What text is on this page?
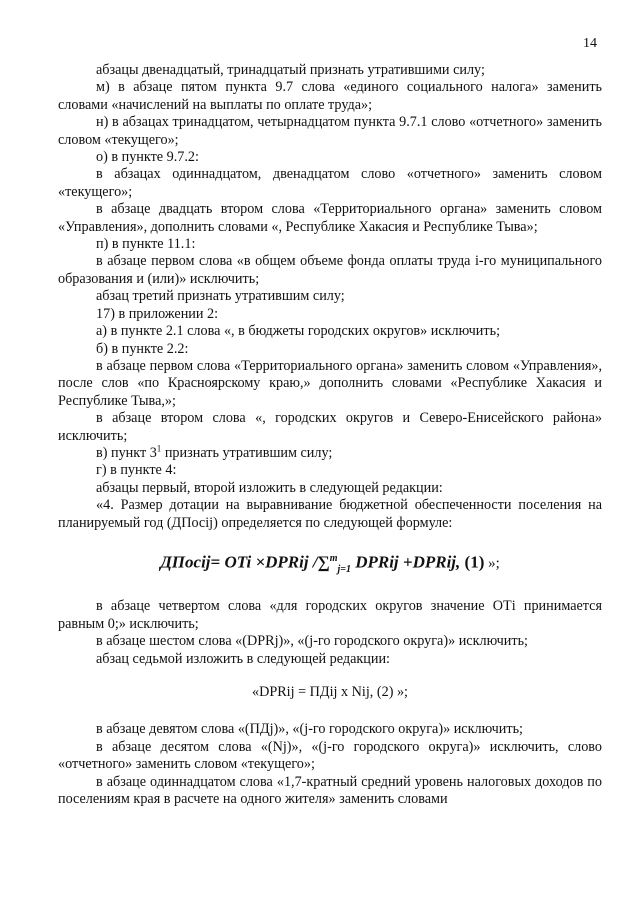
14

абзацы двенадцатый, тринадцатый признать утратившими силу;

м) в абзаце пятом пункта 9.7 слова «единого социального налога» заменить словами «начислений на выплаты по оплате труда»;

н) в абзацах тринадцатом, четырнадцатом пункта 9.7.1 слово «отчетного» заменить словом «текущего»;

о) в пункте 9.7.2:

в абзацах одиннадцатом, двенадцатом слово «отчетного» заменить словом «текущего»;

в абзаце двадцать втором слова «Территориального органа» заменить словом «Управления», дополнить словами «, Республике Хакасия и Республике Тыва»;

п) в пункте 11.1:

в абзаце первом слова «в общем объеме фонда оплаты труда i-го муниципального образования и (или)» исключить;

абзац третий признать утратившим силу;

17) в приложении 2:

а) в пункте 2.1 слова «, в бюджеты городских округов» исключить;

б) в пункте 2.2:

в абзаце первом слова «Территориального органа» заменить словом «Управления», после слов «по Красноярскому краю,» дополнить словами «Республике Хакасия и Республике Тыва,»;

в абзаце втором слова «, городских округов и Северо-Енисейского района» исключить;

в) пункт 3$^1$ признать утратившим силу;

г) в пункте 4:

абзацы первый, второй изложить в следующей редакции:

«4. Размер дотации на выравнивание бюджетной обеспеченности поселения на планируемый год (ДПосij) определяется по следующей формуле:

ДПосij= OTi ×DPRij /∑$^m_{j=1}$ DPRij +DPRij, (1) »;

в абзаце четвертом слова «для городских округов значение ОТi принимается равным 0;» исключить;

в абзаце шестом слова «(DPRj)», «(j-го городского округа)» исключить;

абзац седьмой изложить в следующей редакции:

«DPRij = ПДij x Nij, (2) »;

в абзаце девятом слова «(ПДj)», «(j-го городского округа)» исключить;

в абзаце десятом слова «(Nj)», «(j-го городского округа)» исключить, слово «отчетного» заменить словом «текущего»;

в абзаце одиннадцатом слова «1,7-кратный средний уровень налоговых доходов по поселениям края в расчете на одного жителя» заменить словами
